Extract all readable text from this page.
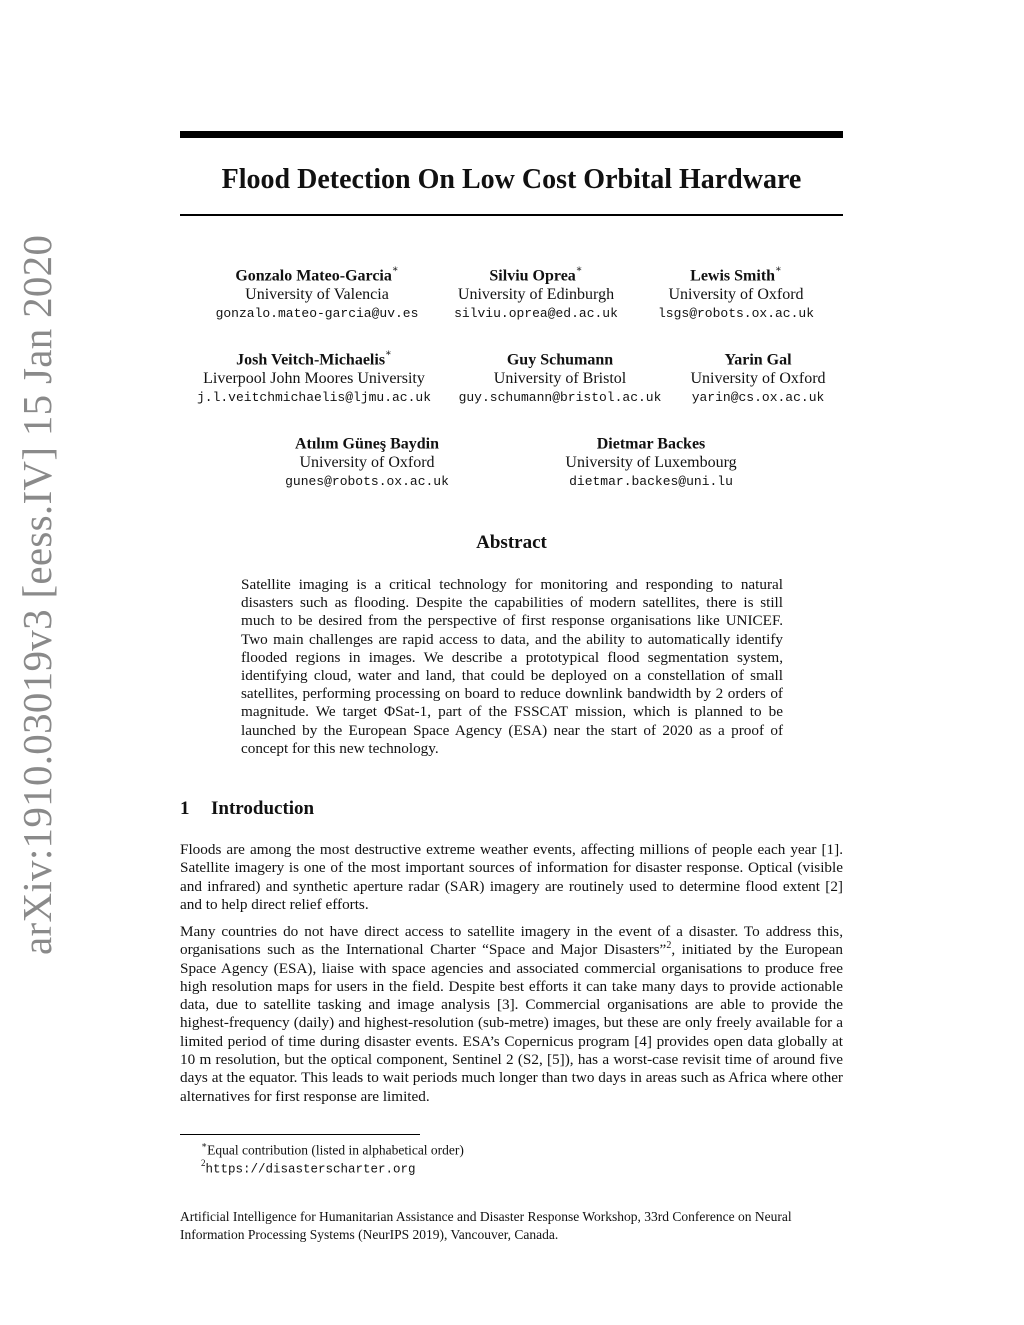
arXiv:1910.03019v3 [eess.IV] 15 Jan 2020
Flood Detection On Low Cost Orbital Hardware
Gonzalo Mateo-Garcia∗
University of Valencia
gonzalo.mateo-garcia@uv.es
Silviu Oprea∗
University of Edinburgh
silviu.oprea@ed.ac.uk
Lewis Smith∗
University of Oxford
lsgs@robots.ox.ac.uk
Josh Veitch-Michaelis∗
Liverpool John Moores University
j.l.veitchmichaelis@ljmu.ac.uk
Guy Schumann
University of Bristol
guy.schumann@bristol.ac.uk
Yarin Gal
University of Oxford
yarin@cs.ox.ac.uk
Atılım Güneş Baydin
University of Oxford
gunes@robots.ox.ac.uk
Dietmar Backes
University of Luxembourg
dietmar.backes@uni.lu
Abstract

Satellite imaging is a critical technology for monitoring and responding to natural disasters such as flooding. Despite the capabilities of modern satellites, there is still much to be desired from the perspective of first response organisations like UNICEF. Two main challenges are rapid access to data, and the ability to automatically identify flooded regions in images. We describe a prototypical flood segmentation system, identifying cloud, water and land, that could be deployed on a constellation of small satellites, performing processing on board to reduce downlink bandwidth by 2 orders of magnitude. We target ΦSat-1, part of the FSSCAT mission, which is planned to be launched by the European Space Agency (ESA) near the start of 2020 as a proof of concept for this new technology.

1 Introduction

Floods are among the most destructive extreme weather events, affecting millions of people each year [1]. Satellite imagery is one of the most important sources of information for disaster response. Optical (visible and infrared) and synthetic aperture radar (SAR) imagery are routinely used to determine flood extent [2] and to help direct relief efforts.

Many countries do not have direct access to satellite imagery in the event of a disaster. To address this, organisations such as the International Charter “Space and Major Disasters”$^2$, initiated by the European Space Agency (ESA), liaise with space agencies and associated commercial organisations to produce free high resolution maps for users in the field. Despite best efforts it can take many days to provide actionable data, due to satellite tasking and image analysis [3]. Commercial organisations are able to provide the highest-frequency (daily) and highest-resolution (sub-metre) images, but these are only freely available for a limited period of time during disaster events. ESA’s Copernicus program [4] provides open data globally at 10 m resolution, but the optical component, Sentinel 2 (S2, [5]), has a worst-case revisit time of around five days at the equator. This leads to wait periods much longer than two days in areas such as Africa where other alternatives for first response are limited.

∗Equal contribution (listed in alphabetical order)
$^2$https://disasterscharter.org

Artificial Intelligence for Humanitarian Assistance and Disaster Response Workshop, 33rd Conference on Neural Information Processing Systems (NeurIPS 2019), Vancouver, Canada.
